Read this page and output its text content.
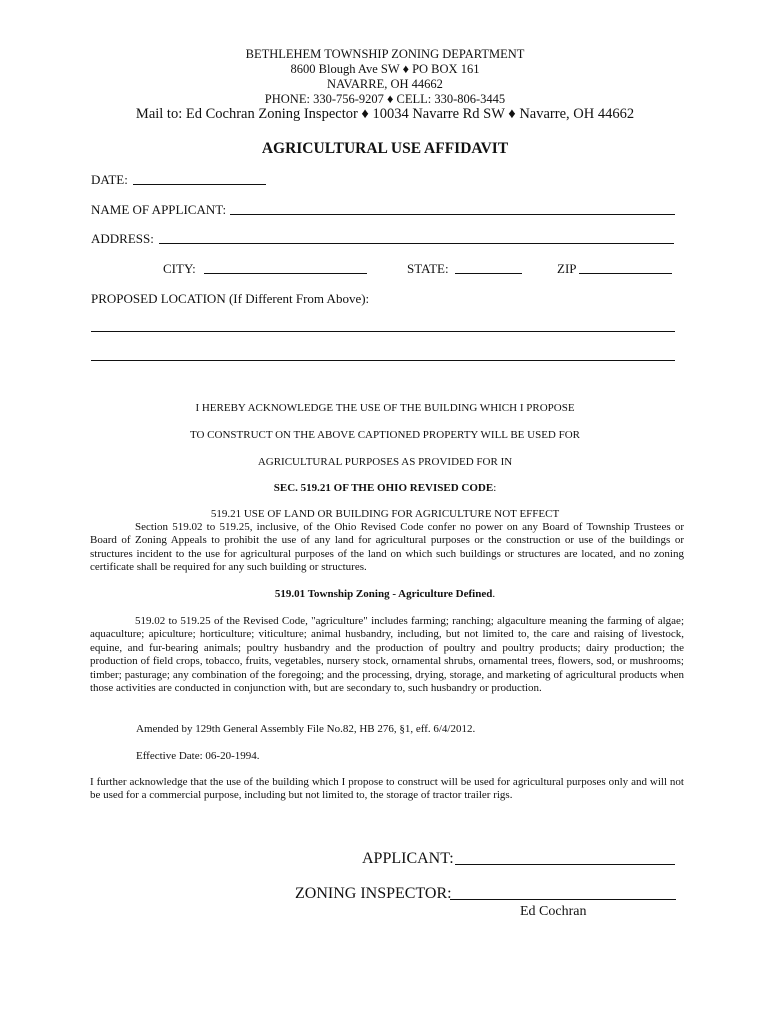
BETHLEHEM TOWNSHIP ZONING DEPARTMENT
8600 Blough Ave SW ♦ PO BOX 161
NAVARRE, OH 44662
PHONE: 330-756-9207 ♦ CELL: 330-806-3445
Mail to: Ed Cochran Zoning Inspector ♦ 10034 Navarre Rd SW ♦ Navarre, OH 44662
AGRICULTURAL USE AFFIDAVIT
DATE:
NAME OF APPLICANT:
ADDRESS:
CITY:	STATE:	ZIP
PROPOSED LOCATION (If Different From Above):
I HEREBY ACKNOWLEDGE THE USE OF THE BUILDING WHICH I PROPOSE
TO CONSTRUCT ON THE ABOVE CAPTIONED PROPERTY WILL BE USED FOR
AGRICULTURAL PURPOSES AS PROVIDED FOR IN
SEC. 519.21 OF THE OHIO REVISED CODE:
519.21 USE OF LAND OR BUILDING FOR AGRICULTURE NOT EFFECT
Section 519.02 to 519.25, inclusive, of the Ohio Revised Code confer no power on any Board of Township Trustees or Board of Zoning Appeals to prohibit the use of any land for agricultural purposes or the construction or use of the buildings or structures incident to the use for agricultural purposes of the land on which such buildings or structures are located, and no zoning certificate shall be required for any such building or structures.
519.01 Township Zoning - Agriculture Defined.
519.02 to 519.25 of the Revised Code, "agriculture" includes farming; ranching; algaculture meaning the farming of algae; aquaculture; apiculture; horticulture; viticulture; animal husbandry, including, but not limited to, the care and raising of livestock, equine, and fur-bearing animals; poultry husbandry and the production of poultry and poultry products; dairy production; the production of field crops, tobacco, fruits, vegetables, nursery stock, ornamental shrubs, ornamental trees, flowers, sod, or mushrooms; timber; pasturage; any combination of the foregoing; and the processing, drying, storage, and marketing of agricultural products when those activities are conducted in conjunction with, but are secondary to, such husbandry or production.
Amended by 129th General Assembly File No.82, HB 276, §1, eff. 6/4/2012.
Effective Date: 06-20-1994.
I further acknowledge that the use of the building which I propose to construct will be used for agricultural purposes only and will not be used for a commercial purpose, including but not limited to, the storage of tractor trailer rigs.
APPLICANT:
ZONING INSPECTOR:
Ed Cochran
